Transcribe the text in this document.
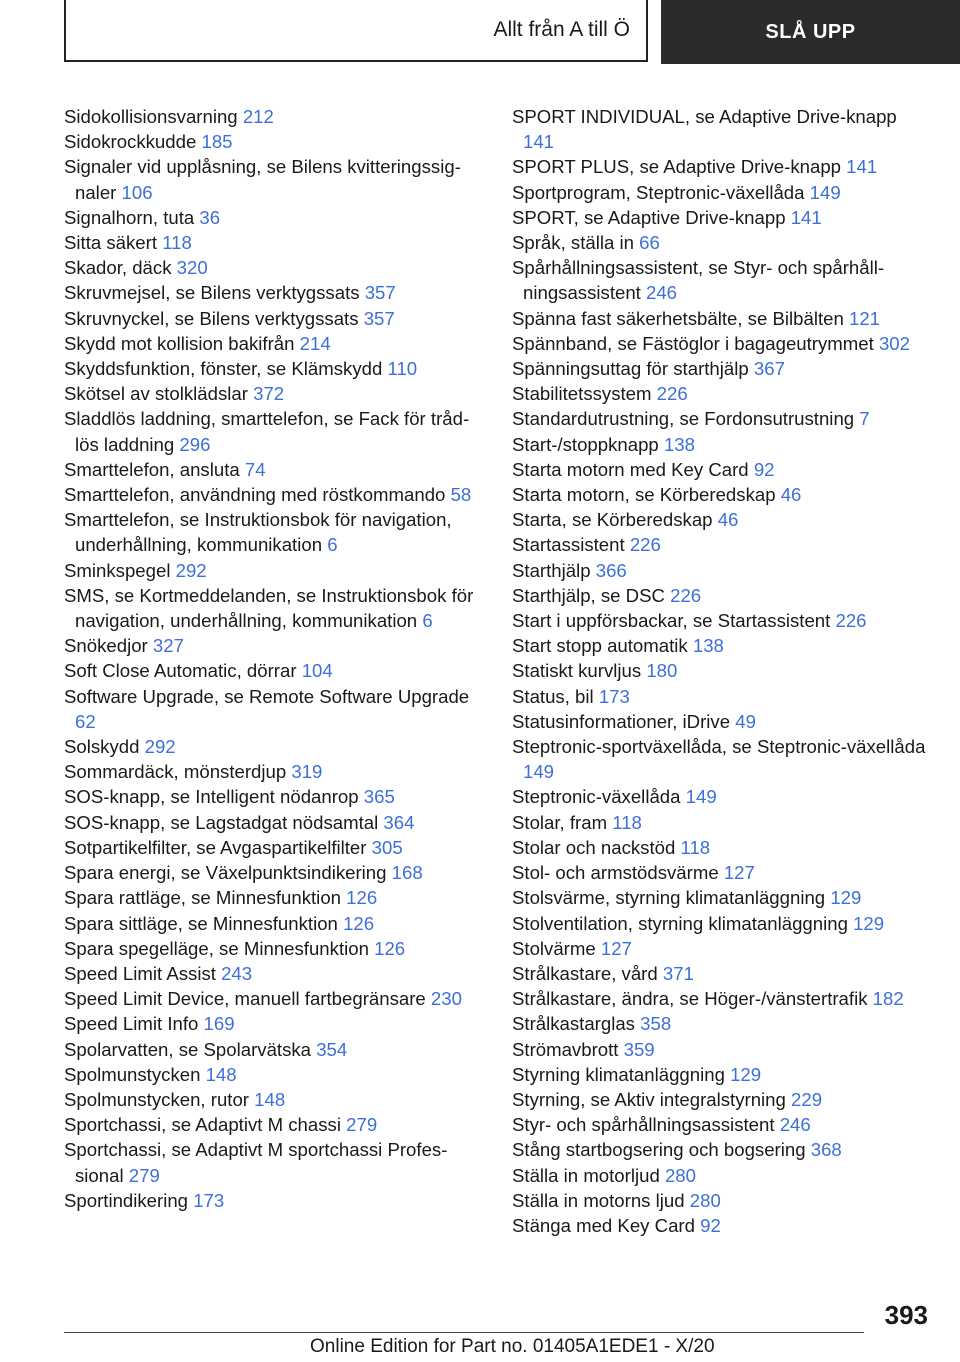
Allt från A till Ö	SLÅ UPP

Sidokollisionsvarning 212

Sidokrockkudde 185

Signaler vid upplåsning, se Bilens kvitteringssignaler 106

Signalhorn, tuta 36

Sitta säkert 118

Skador, däck 320

Skruvmejsel, se Bilens verktygssats 357

Skruvnyckel, se Bilens verktygssats 357

Skydd mot kollision bakifrån 214

Skyddsfunktion, fönster, se Klämskydd 110

Skötsel av stolklädslar 372

Sladdlös laddning, smarttelefon, se Fack för trådlös laddning 296

Smarttelefon, ansluta 74

Smarttelefon, användning med röstkommando 58

Smarttelefon, se Instruktionsbok för navigation, underhållning, kommunikation 6

Sminkspegel 292

SMS, se Kortmeddelanden, se Instruktionsbok för navigation, underhållning, kommunikation 6

Snökedjor 327

Soft Close Automatic, dörrar 104

Software Upgrade, se Remote Software Upgrade 62

Solskydd 292

Sommardäck, mönsterdjup 319

SOS-knapp, se Intelligent nödanrop 365

SOS-knapp, se Lagstadgat nödsamtal 364

Sotpartikelfilter, se Avgaspartikelfilter 305

Spara energi, se Växelpunktsindikering 168

Spara rattläge, se Minnesfunktion 126

Spara sittläge, se Minnesfunktion 126

Spara spegelläge, se Minnesfunktion 126

Speed Limit Assist 243

Speed Limit Device, manuell fartbegränsare 230

Speed Limit Info 169

Spolarvatten, se Spolarvätska 354

Spolmunstycken 148

Spolmunstycken, rutor 148

Sportchassi, se Adaptivt M chassi 279

Sportchassi, se Adaptivt M sportchassi Professional 279

Sportindikering 173

SPORT INDIVIDUAL, se Adaptive Drive-knapp 141

SPORT PLUS, se Adaptive Drive-knapp 141

Sportprogram, Steptronic-växellåda 149

SPORT, se Adaptive Drive-knapp 141

Språk, ställa in 66

Spårhållningsassistent, se Styr- och spårhållningsassistent 246

Spänna fast säkerhetsbälte, se Bilbälten 121

Spännband, se Fästöglor i bagageutrymmet 302

Spänningsuttag för starthjälp 367

Stabilitetssystem 226

Standardutrustning, se Fordonsutrustning 7

Start-/stoppknapp 138

Starta motorn med Key Card 92

Starta motorn, se Körberedskap 46

Starta, se Körberedskap 46

Startassistent 226

Starthjälp 366

Starthjälp, se DSC 226

Start i uppförsbackar, se Startassistent 226

Start stopp automatik 138

Statiskt kurvljus 180

Status, bil 173

Statusinformationer, iDrive 49

Steptronic-sportväxellåda, se Steptronic-växellåda 149

Steptronic-växellåda 149

Stolar, fram 118

Stolar och nackstöd 118

Stol- och armstödsvärme 127

Stolsvärme, styrning klimatanläggning 129

Stolventilation, styrning klimatanläggning 129

Stolvärme 127

Strålkastare, vård 371

Strålkastare, ändra, se Höger-/vänstertrafik 182

Strålkastarglas 358

Strömavbrott 359

Styrning klimatanläggning 129

Styrning, se Aktiv integralstyrning 229

Styr- och spårhållningsassistent 246

Stång startbogsering och bogsering 368

Ställa in motorljud 280

Ställa in motorns ljud 280

Stänga med Key Card 92

393
Online Edition for Part no. 01405A1EDE1 - X/20
